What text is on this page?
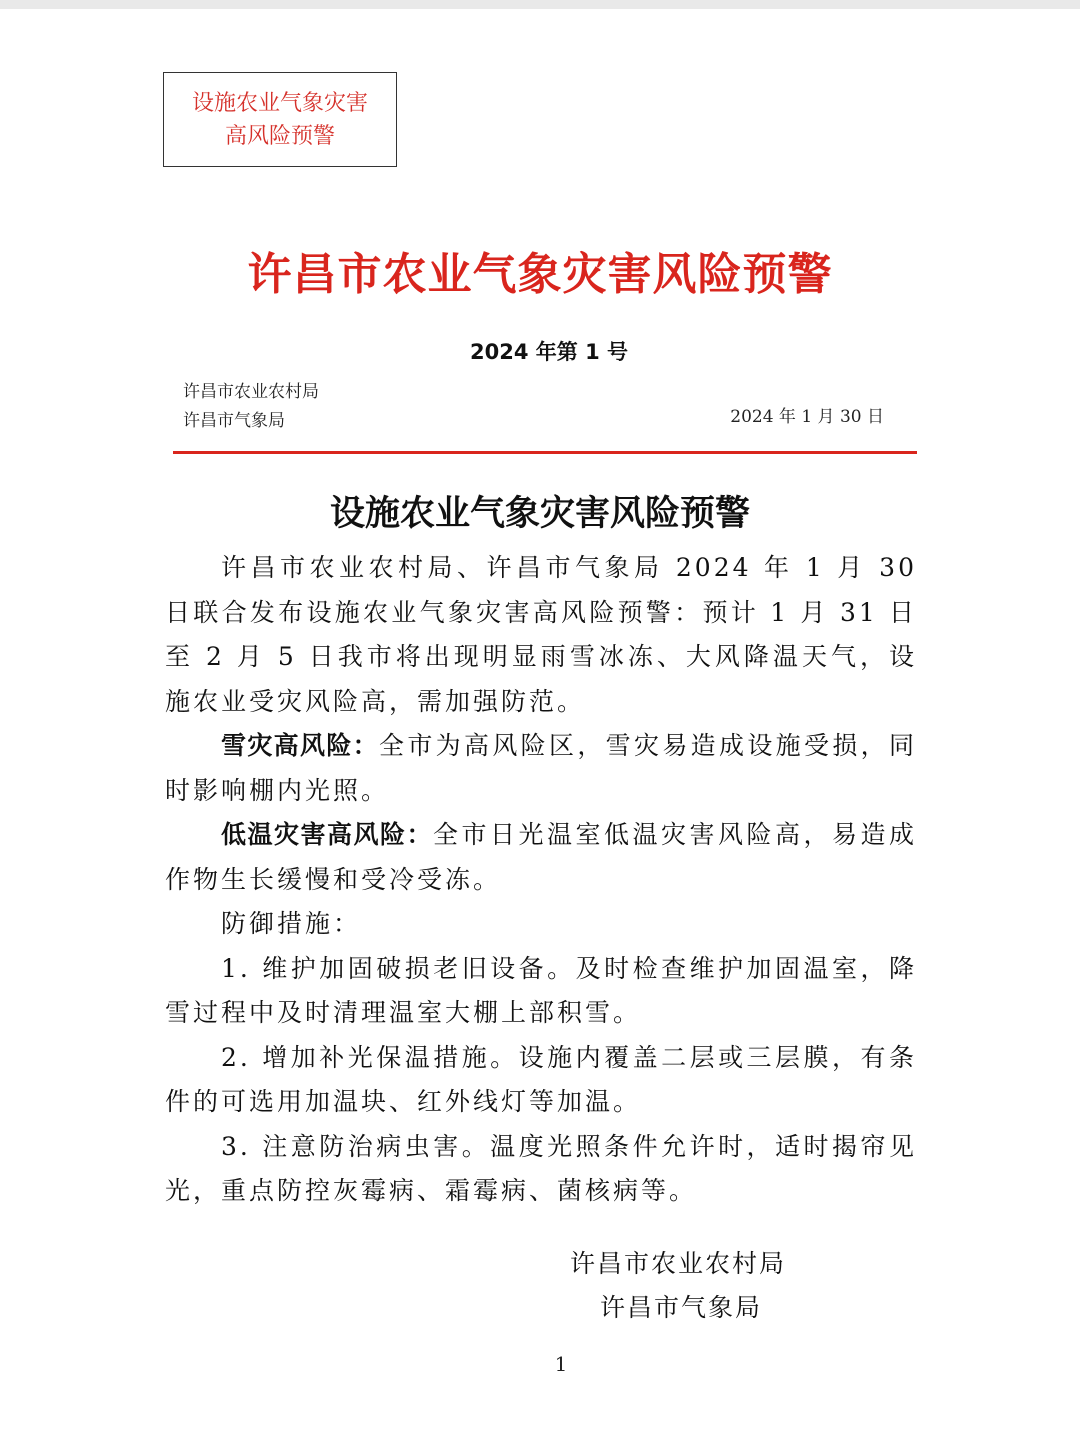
设施农业气象灾害
高风险预警
许昌市农业气象灾害风险预警
2024 年第 1 号
许昌市农业农村局
许昌市气象局	2024 年 1 月 30 日
设施农业气象灾害风险预警

许昌市农业农村局、许昌市气象局 2024 年 1 月 30 日联合发布设施农业气象灾害高风险预警：预计 1 月 31 日至 2 月 5 日我市将出现明显雨雪冰冻、大风降温天气，设施农业受灾风险高，需加强防范。

雪灾高风险：全市为高风险区，雪灾易造成设施受损，同时影响棚内光照。

低温灾害高风险：全市日光温室低温灾害风险高，易造成作物生长缓慢和受冷受冻。

防御措施：

1. 维护加固破损老旧设备。及时检查维护加固温室，降雪过程中及时清理温室大棚上部积雪。

2. 增加补光保温措施。设施内覆盖二层或三层膜，有条件的可选用加温块、红外线灯等加温。

3. 注意防治病虫害。温度光照条件允许时，适时揭帘见光，重点防控灰霉病、霜霉病、菌核病等。

许昌市农业农村局
许昌市气象局
1
